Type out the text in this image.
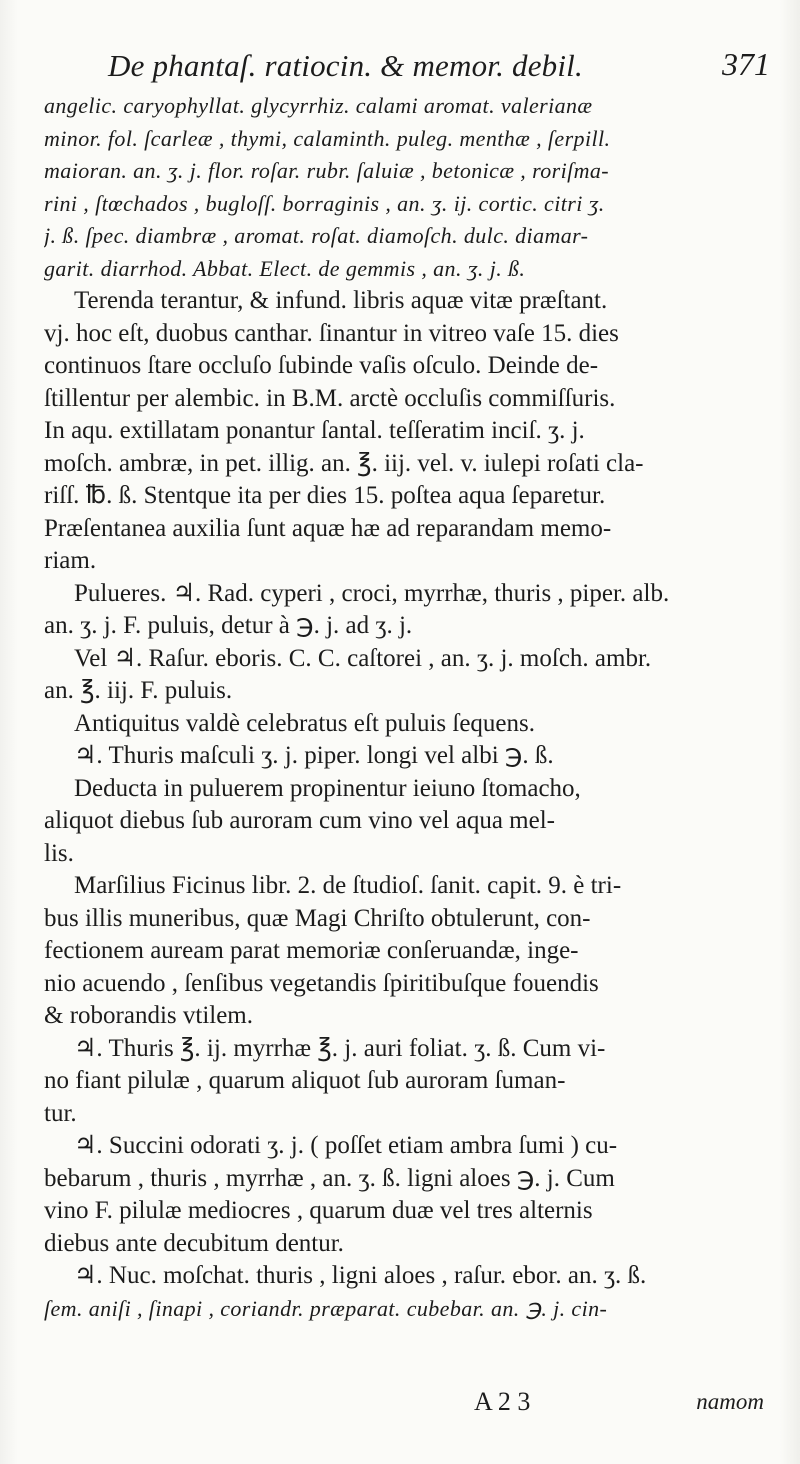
De phantaſ. ratiocin. & memor. debil.	371
angelic. caryophyllat. glycyrrhiz. calami aromat. valerianæ
minor. fol. ſcarleæ , thymi, calaminth. puleg. menthæ , ſerpill.
maioran. an. ʒ. j. flor. roſar. rubr. ſaluiæ , betonicæ , roriſma-
rini , ſtœchados , bugloſſ. borraginis , an. ʒ. ij. cortic. citri ʒ.
j. ß. ſpec. diambræ , aromat. roſat. diamoſch. dulc. diamar-
garit. diarrhod. Abbat. Elect. de gemmis , an. ʒ. j. ß.
Terenda terantur, & infund. libris aquæ vitæ præſtant.
vj. hoc eſt, duobus canthar. ſinantur in vitreo vaſe 15. dies
continuos ſtare occluſo ſubinde vaſis oſculo. Deinde de-
ſtillentur per alembic. in B.M. arctè occluſis commiſſuris.
In aqu. extillatam ponantur ſantal. teſſeratim inciſ. ʒ. j.
moſch. ambræ, in pet. illig. an. ℥. iij. vel. v. iulepi roſati cla-
riſſ. ℔. ß. Stentque ita per dies 15. poſtea aqua ſeparetur.
Præſentanea auxilia ſunt aquæ hæ ad reparandam memo-
riam.
Pulueres. ♃. Rad. cyperi , croci, myrrhæ, thuris , piper. alb.
an. ʒ. j. F. puluis, detur à ℈. j. ad ʒ. j.
Vel ♃. Raſur. eboris. C. C. caſtorei , an. ʒ. j. moſch. ambr.
an. ℥. iij. F. puluis.
Antiquitus valdè celebratus eſt puluis ſequens.
♃. Thuris maſculi ʒ. j. piper. longi vel albi ℈. ß.
Deducta in puluerem propinentur ieiuno ſtomacho,
aliquot diebus ſub auroram cum vino vel aqua mel-
lis.
Marſilius Ficinus libr. 2. de ſtudioſ. ſanit. capit. 9. è tri-
bus illis muneribus, quæ Magi Chriſto obtulerunt, con-
fectionem auream parat memoriæ conſeruandæ, inge-
nio acuendo , ſenſibus vegetandis ſpiritibuſque fouendis
& roborandis vtilem.
♃. Thuris ℥. ij. myrrhæ ℥. j. auri foliat. ʒ. ß. Cum vi-
no fiant pilulæ , quarum aliquot ſub auroram ſuman-
tur.
♃. Succini odorati ʒ. j. ( poſſet etiam ambra ſumi ) cu-
bebarum , thuris , myrrhæ , an. ʒ. ß. ligni aloes ℈. j. Cum
vino F. pilulæ mediocres , quarum duæ vel tres alternis
diebus ante decubitum dentur.
♃. Nuc. moſchat. thuris , ligni aloes , raſur. ebor. an. ʒ. ß.
ſem. aniſi , ſinapi , coriandr. præparat. cubebar. an. ℈. j. cin-
A 2 3	namom
